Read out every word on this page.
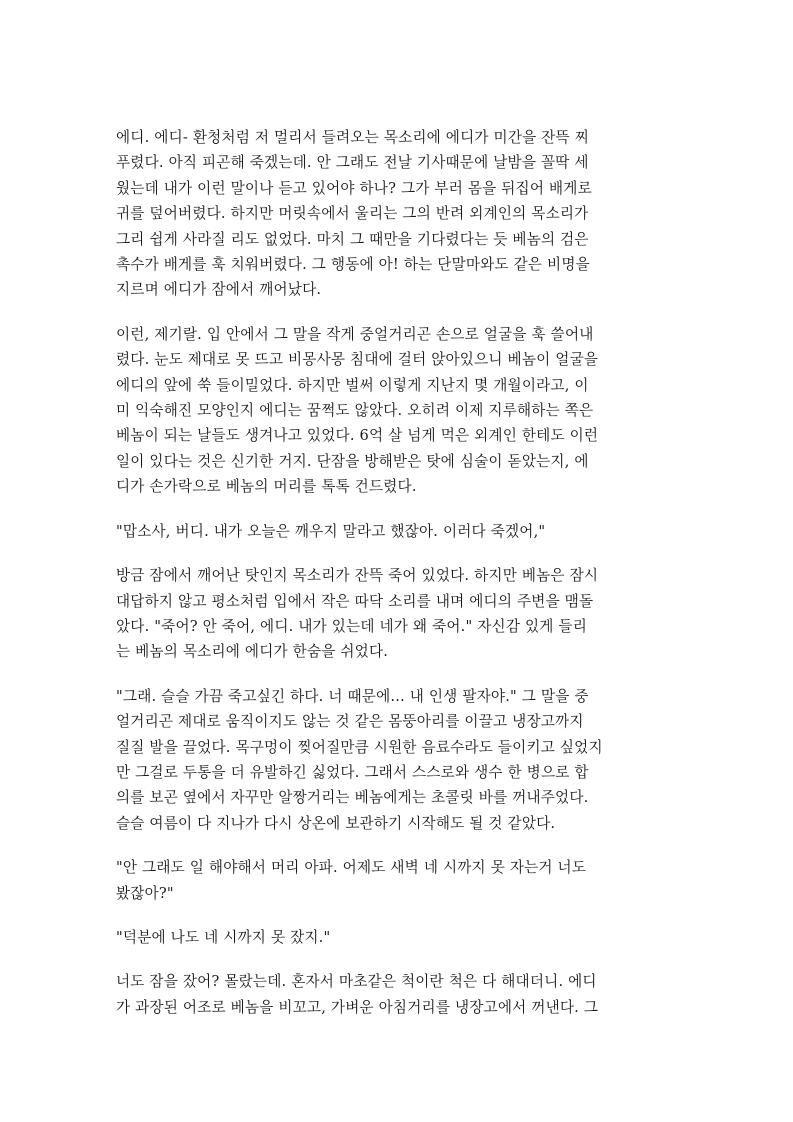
에디. 에디- 환청처럼 저 멀리서 들려오는 목소리에 에디가 미간을 잔뜩 찌
푸렸다. 아직 피곤해 죽겠는데. 안 그래도 전날 기사때문에 날밤을 꼴딱 세
웠는데 내가 이런 말이나 듣고 있어야 하나? 그가 부러 몸을 뒤집어 배게로
귀를 덮어버렸다. 하지만 머릿속에서 울리는 그의 반려 외계인의 목소리가
그리 쉽게 사라질 리도 없었다. 마치 그 때만을 기다렸다는 듯 베놈의 검은
촉수가 배게를 훅 치워버렸다. 그 행동에 아! 하는 단말마와도 같은 비명을
지르며 에디가 잠에서 깨어났다.

이런, 제기랄. 입 안에서 그 말을 작게 중얼거리곤 손으로 얼굴을 훅 쓸어내
렸다. 눈도 제대로 못 뜨고 비몽사몽 침대에 걸터 앉아있으니 베놈이 얼굴을
에디의 앞에 쑥 들이밀었다. 하지만 벌써 이렇게 지난지 몇 개월이라고, 이
미 익숙해진 모양인지 에디는 꿈쩍도 않았다. 오히려 이제 지루해하는 쪽은
베놈이 되는 날들도 생겨나고 있었다. 6억 살 넘게 먹은 외계인 한테도 이런
일이 있다는 것은 신기한 거지. 단잠을 방해받은 탓에 심술이 돋았는지, 에
디가 손가락으로 베놈의 머리를 톡톡 건드렸다.

"맙소사, 버디. 내가 오늘은 깨우지 말라고 했잖아. 이러다 죽겠어,"

방금 잠에서 깨어난 탓인지 목소리가 잔뜩 죽어 있었다. 하지만 베놈은 잠시
대답하지 않고 평소처럼 입에서 작은 따닥 소리를 내며 에디의 주변을 맴돌
았다. "죽어? 안 죽어, 에디. 내가 있는데 네가 왜 죽어." 자신감 있게 들리
는 베놈의 목소리에 에디가 한숨을 쉬었다.

"그래. 슬슬 가끔 죽고싶긴 하다. 너 때문에... 내 인생 팔자야." 그 말을 중
얼거리곤 제대로 움직이지도 않는 것 같은 몸뚱아리를 이끌고 냉장고까지
질질 발을 끌었다. 목구멍이 찢어질만큼 시원한 음료수라도 들이키고 싶었지
만 그걸로 두통을 더 유발하긴 싫었다. 그래서 스스로와 생수 한 병으로 합
의를 보곤 옆에서 자꾸만 알짱거리는 베놈에게는 초콜릿 바를 꺼내주었다.
슬슬 여름이 다 지나가 다시 상온에 보관하기 시작해도 될 것 같았다.

"안 그래도 일 해야해서 머리 아파. 어제도 새벽 네 시까지 못 자는거 너도
봤잖아?"

"덕분에 나도 네 시까지 못 잤지."

너도 잠을 잤어? 몰랐는데. 혼자서 마초같은 척이란 척은 다 해대더니. 에디
가 과장된 어조로 베놈을 비꼬고, 가벼운 아침거리를 냉장고에서 꺼낸다. 그
